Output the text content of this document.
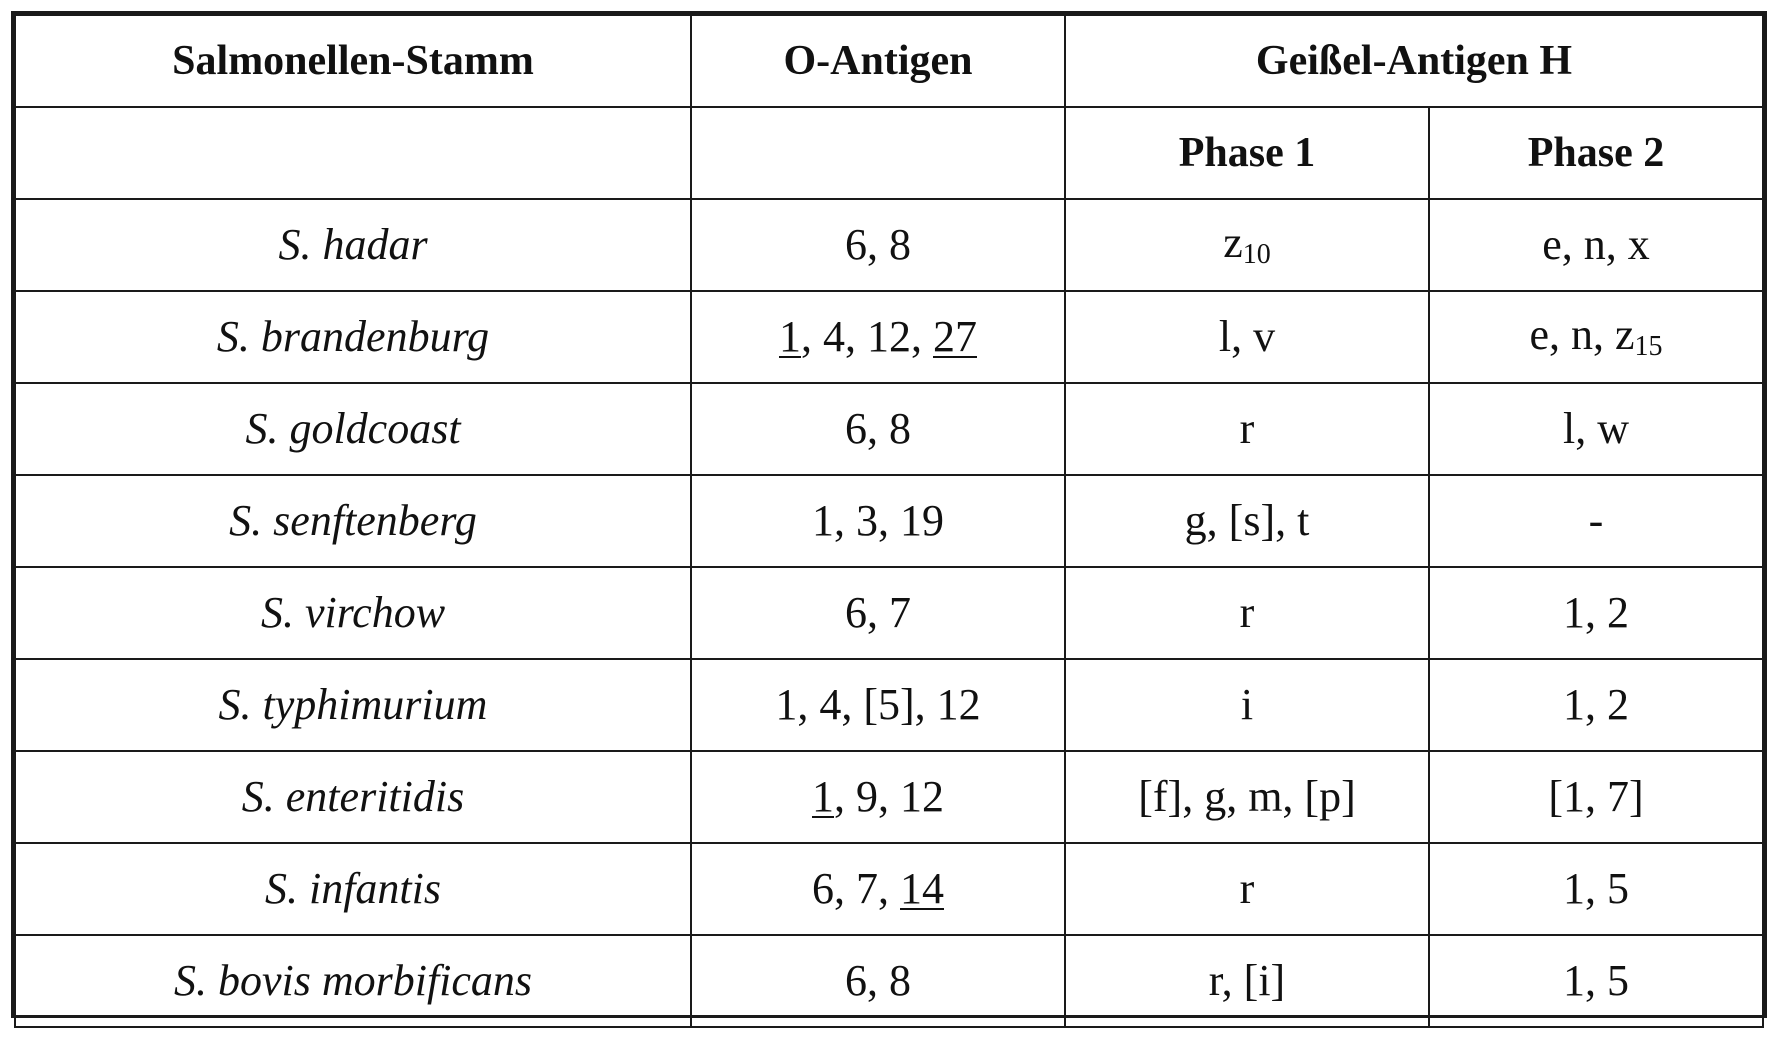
Salmonellen-Stamm	O-Antigen	Geißel-Antigen H	
		Phase 1	Phase 2
S. hadar	6, 8	$z_{10}$	e, n, x
S. brandenburg	1, 4, 12, 27	l, v	e, n, $z_{15}$
S. goldcoast	6, 8	r	l, w
S. senftenberg	1, 3, 19	g, [s], t	-
S. virchow	6, 7	r	1, 2
S. typhimurium	1, 4, [5], 12	i	1, 2
S. enteritidis	1, 9, 12	[f], g, m, [p]	[1, 7]
S. infantis	6, 7, 14	r	1, 5
S. bovis morbificans	6, 8	r, [i]	1, 5
